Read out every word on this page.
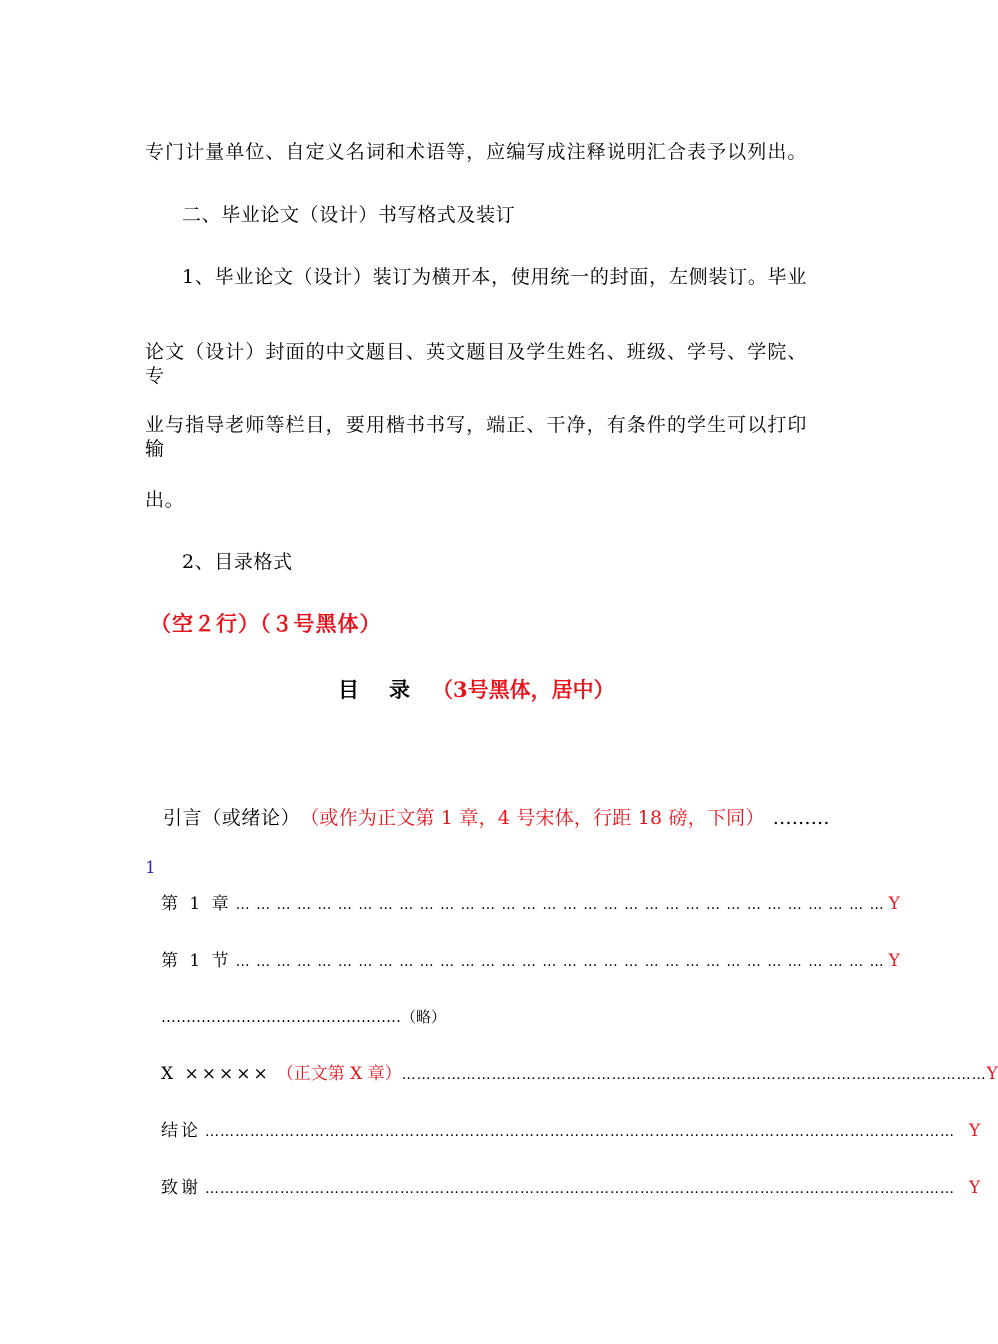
专门计量单位、自定义名词和术语等，应编写成注释说明汇合表予以列出。
二、毕业论文（设计）书写格式及装订
1、毕业论文（设计）装订为横开本，使用统一的封面，左侧装订。毕业
论文（设计）封面的中文题目、英文题目及学生姓名、班级、学号、学院、专
业与指导老师等栏目，要用楷书书写，端正、干净，有条件的学生可以打印输
出。
2、目录格式
（空２行）（３号黑体）
目 录 （3号黑体，居中）
引言（或绪论） （或作为正文第 1 章，4 号宋体，行距 18 磅，下同） ………
1
第 1 章 … … … … … … … … … … … … … … … … … … … … … … … … … … … … … … … … Y
第 1 节 … … … … … … … … … … … … … … … … … … … … … … … … … … … … … … … … Y
…………………………………………（略）
X ××××× （正文第 X 章） ……………………………………………………………………………………………………… Y
结论 …………………………………………………………………………………………………………………………………… Y
致谢 …………………………………………………………………………………………………………………………………… Y
